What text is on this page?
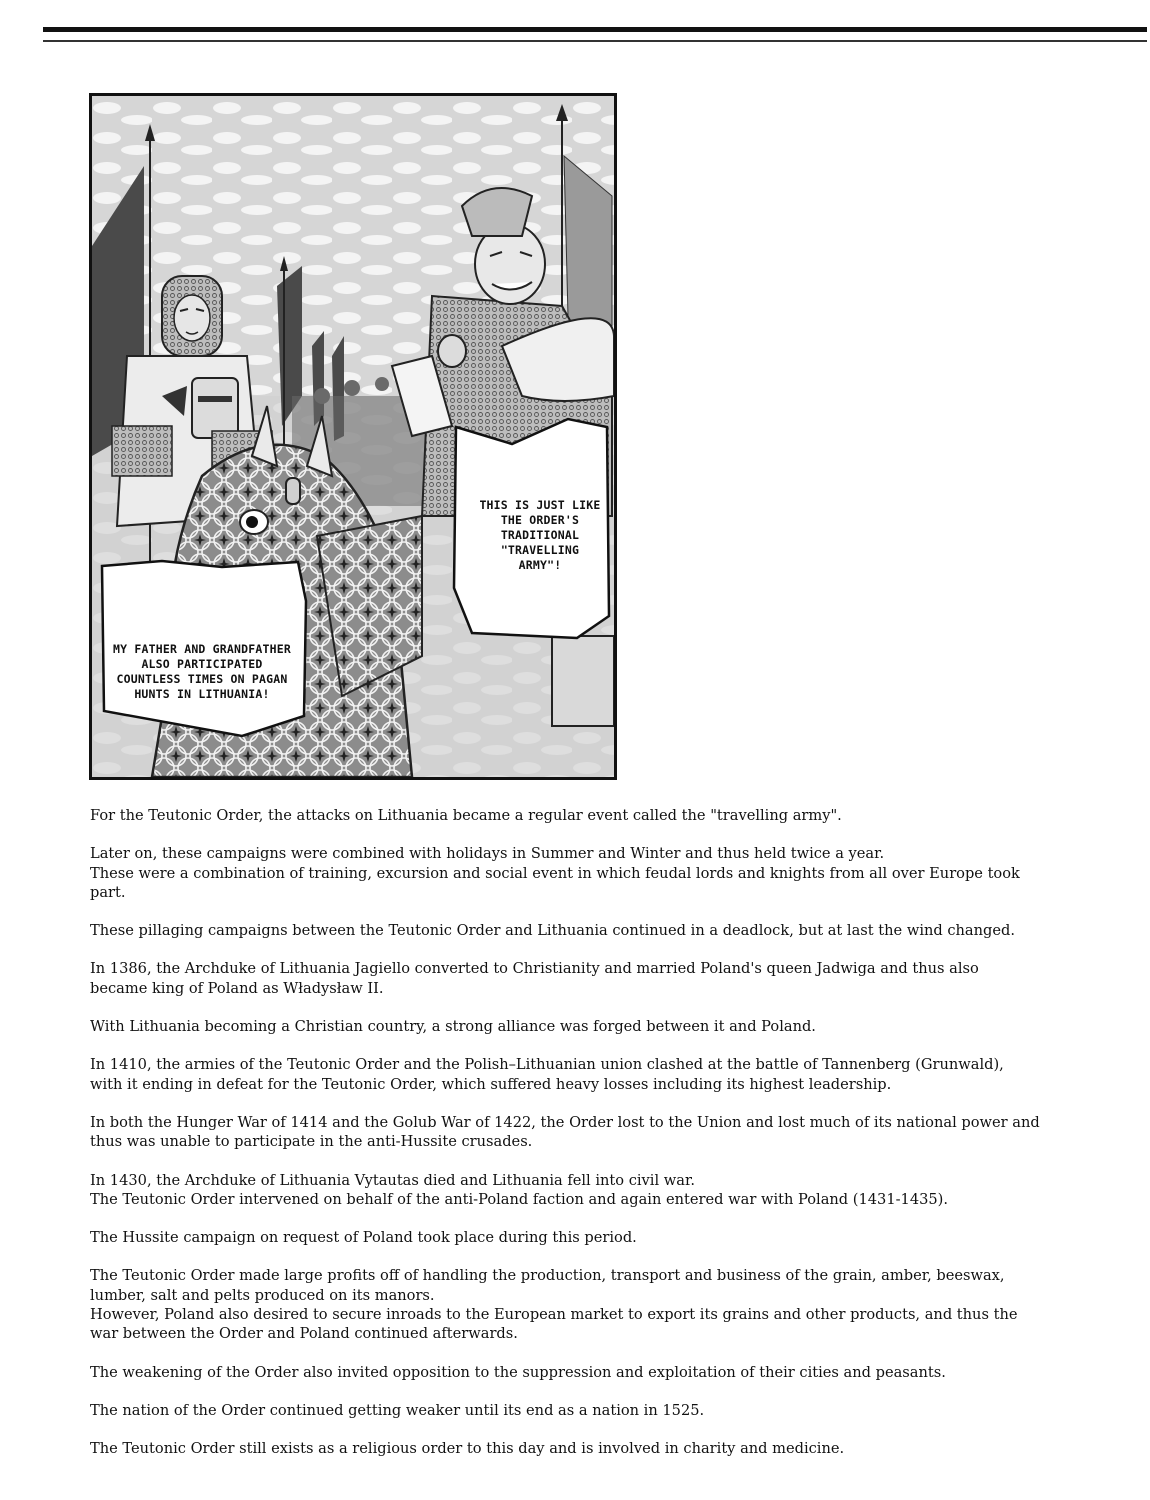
THIS IS JUST LIKE
THE ORDER'S
TRADITIONAL
"TRAVELLING
ARMY"!
MY FATHER AND GRANDFATHER
ALSO PARTICIPATED
COUNTLESS TIMES ON PAGAN
HUNTS IN LITHUANIA!

For the Teutonic Order, the attacks on Lithuania became a regular event called the "travelling army".

Later on, these campaigns were combined with holidays in Summer and Winter and thus held twice a year.
These were a combination of training, excursion and social event in which feudal lords and knights from all over Europe took part.

These pillaging campaigns between the Teutonic Order and Lithuania continued in a deadlock, but at last the wind changed.

In 1386, the Archduke of Lithuania Jagiello converted to Christianity and married Poland's queen Jadwiga and thus also became king of Poland as Władysław II.

With Lithuania becoming a Christian country, a strong alliance was forged between it and Poland.

In 1410, the armies of the Teutonic Order and the Polish–Lithuanian union clashed at the battle of Tannenberg (Grunwald), with it ending in defeat for the Teutonic Order, which suffered heavy losses including its highest leadership.

In both the Hunger War of 1414 and the Golub War of 1422, the Order lost to the Union and lost much of its national power and thus was unable to participate in the anti-Hussite crusades.

In 1430, the Archduke of Lithuania Vytautas died and Lithuania fell into civil war.
The Teutonic Order intervened on behalf of the anti-Poland faction and again entered war with Poland (1431-1435).

The Hussite campaign on request of Poland took place during this period.

The Teutonic Order made large profits off of handling the production, transport and business of the grain, amber, beeswax, lumber, salt and pelts produced on its manors.
However, Poland also desired to secure inroads to the European market to export its grains and other products, and thus the war between the Order and Poland continued afterwards.

The weakening of the Order also invited opposition to the suppression and exploitation of their cities and peasants.

The nation of the Order continued getting weaker until its end as a nation in 1525.

The Teutonic Order still exists as a religious order to this day and is involved in charity and medicine.
